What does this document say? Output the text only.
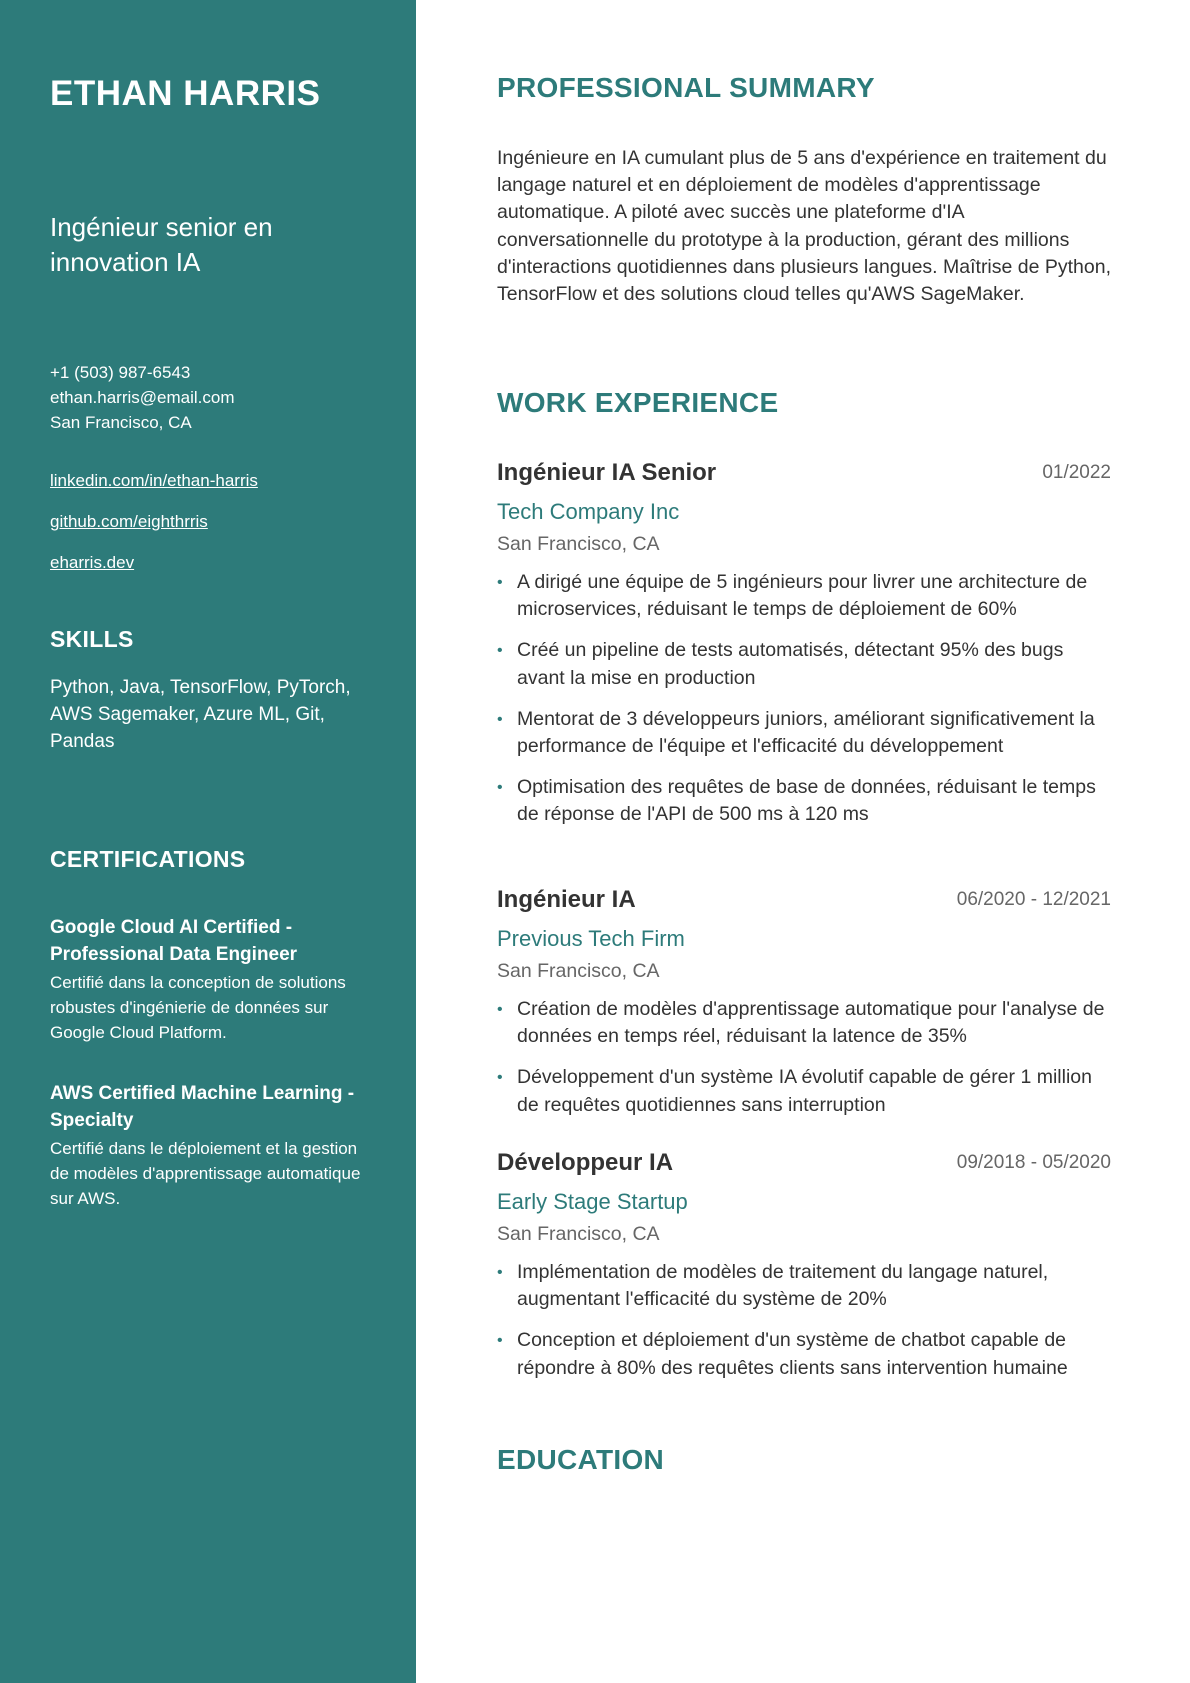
ETHAN HARRIS
Ingénieur senior en innovation IA
+1 (503) 987-6543
ethan.harris@email.com
San Francisco, CA
linkedin.com/in/ethan-harris
github.com/eighthrris
eharris.dev
SKILLS
Python, Java, TensorFlow, PyTorch, AWS Sagemaker, Azure ML, Git, Pandas
CERTIFICATIONS
Google Cloud AI Certified - Professional Data Engineer
Certifié dans la conception de solutions robustes d'ingénierie de données sur Google Cloud Platform.
AWS Certified Machine Learning - Specialty
Certifié dans le déploiement et la gestion de modèles d'apprentissage automatique sur AWS.
PROFESSIONAL SUMMARY
Ingénieure en IA cumulant plus de 5 ans d'expérience en traitement du langage naturel et en déploiement de modèles d'apprentissage automatique. A piloté avec succès une plateforme d'IA conversationnelle du prototype à la production, gérant des millions d'interactions quotidiennes dans plusieurs langues. Maîtrise de Python, TensorFlow et des solutions cloud telles qu'AWS SageMaker.
WORK EXPERIENCE
Ingénieur IA Senior	01/2022
Tech Company Inc
San Francisco, CA
• A dirigé une équipe de 5 ingénieurs pour livrer une architecture de microservices, réduisant le temps de déploiement de 60%
• Créé un pipeline de tests automatisés, détectant 95% des bugs avant la mise en production
• Mentorat de 3 développeurs juniors, améliorant significativement la performance de l'équipe et l'efficacité du développement
• Optimisation des requêtes de base de données, réduisant le temps de réponse de l'API de 500 ms à 120 ms
Ingénieur IA	06/2020 - 12/2021
Previous Tech Firm
San Francisco, CA
• Création de modèles d'apprentissage automatique pour l'analyse de données en temps réel, réduisant la latence de 35%
• Développement d'un système IA évolutif capable de gérer 1 million de requêtes quotidiennes sans interruption
Développeur IA	09/2018 - 05/2020
Early Stage Startup
San Francisco, CA
• Implémentation de modèles de traitement du langage naturel, augmentant l'efficacité du système de 20%
• Conception et déploiement d'un système de chatbot capable de répondre à 80% des requêtes clients sans intervention humaine
EDUCATION
